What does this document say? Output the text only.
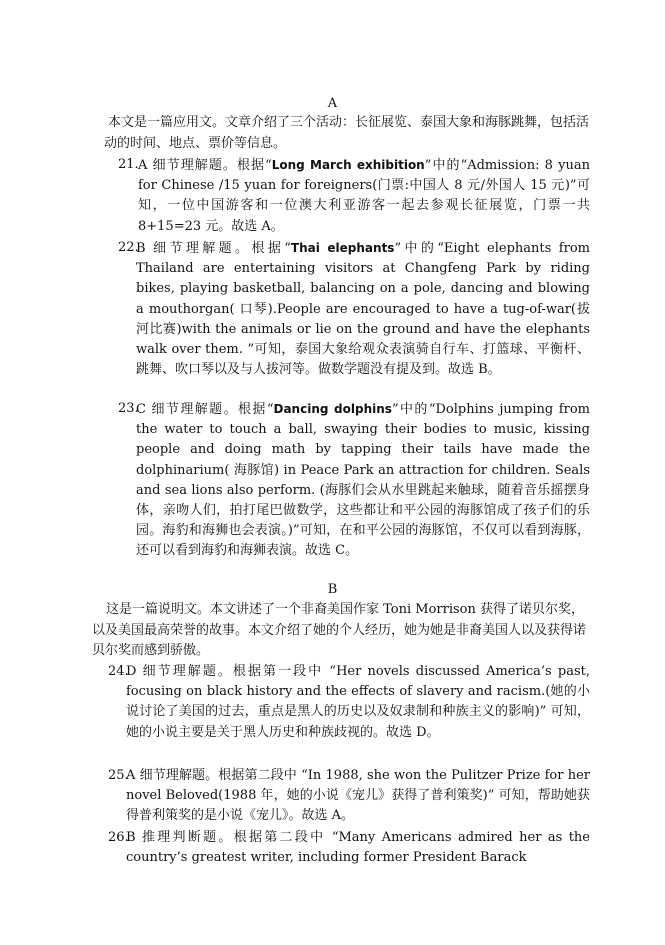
A
本文是一篇应用文。文章介绍了三个活动：长征展览、泰国大象和海豚跳舞，包括活动的时间、地点、票价等信息。
21. A 细节理解题。根据“Long March exhibition”中的“Admission: 8 yuan for Chinese /15 yuan for foreigners(门票:中国人 8 元/外国人 15 元)”可知，一位中国游客和一位澳大利亚游客一起去参观长征展览，门票一共 8+15=23 元。故选 A。
22.
B 细节理解题。根据“Thai elephants”中的“Eight elephants from Thailand are entertaining visitors at Changfeng Park by riding bikes, playing basketball, balancing on a pole, dancing and blowing a mouthorgan( 口琴).People are encouraged to have a tug-of-war(拔河比赛)with the animals or lie on the ground and have the elephants walk over them. ”可知，泰国大象给观众表演骑自行车、打篮球、平衡杆、跳舞、吹口琴以及与人拔河等。做数学题没有提及到。故选 B。
23.
C 细节理解题。根据“Dancing dolphins”中的“Dolphins jumping from the water to touch a ball, swaying their bodies to music, kissing people and doing math by tapping their tails have made the dolphinarium( 海豚馆) in Peace Park an attraction for children. Seals and sea lions also perform. (海豚们会从水里跳起来触球，随着音乐摇摆身体，亲吻人们，拍打尾巴做数学，这些都让和平公园的海豚馆成了孩子们的乐园。海豹和海狮也会表演。)”可知，在和平公园的海豚馆，不仅可以看到海豚，还可以看到海豹和海狮表演。故选 C。
B
这是一篇说明文。本文讲述了一个非裔美国作家 Toni Morrison 获得了诺贝尔奖，以及美国最高荣誉的故事。本文介绍了她的个人经历，她为她是非裔美国人以及获得诺贝尔奖而感到骄傲。
24.
D 细节理解题。根据第一段中 “Her novels discussed America’s past, focusing on black history and the effects of slavery and racism.(她的小说讨论了美国的过去，重点是黑人的历史以及奴隶制和种族主义的影响)” 可知，她的小说主要是关于黑人历史和种族歧视的。故选 D。
25.
A 细节理解题。根据第二段中 “In 1988, she won the Pulitzer Prize for her novel Beloved(1988 年，她的小说《宠儿》获得了普利策奖)” 可知，帮助她获得普利策奖的是小说《宠儿》。故选 A。
26.
B 推理判断题。根据第二段中 “Many Americans admired her as the country’s greatest writer, including former President Barack
